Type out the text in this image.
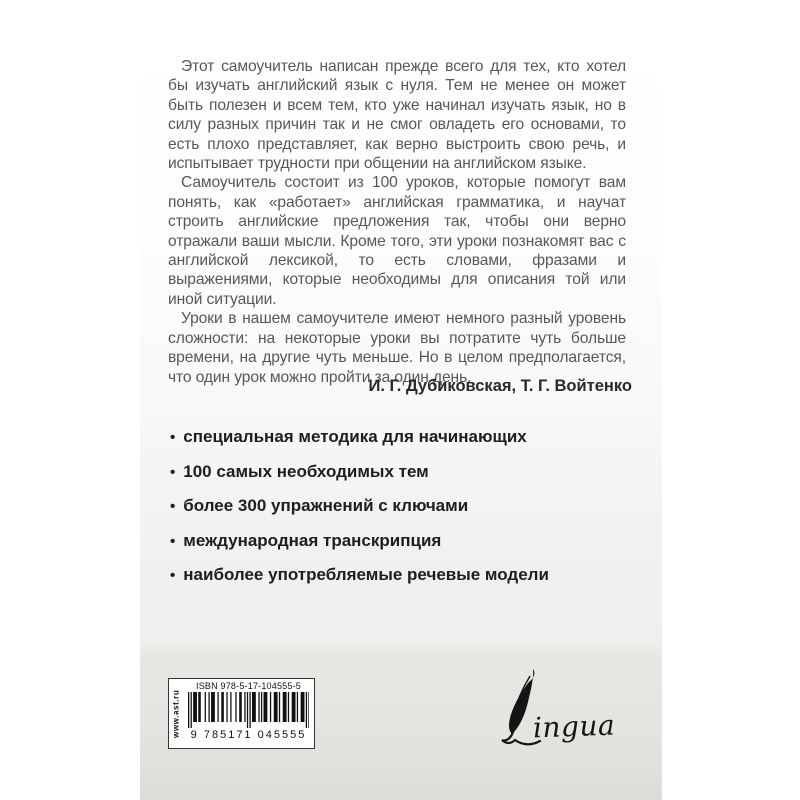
Этот самоучитель написан прежде всего для тех, кто хотел бы изучать английский язык с нуля. Тем не менее он может быть полезен и всем тем, кто уже начинал изучать язык, но в силу разных причин так и не смог овладеть его основами, то есть плохо представляет, как верно выстроить свою речь, и испытывает трудности при общении на английском языке.

Самоучитель состоит из 100 уроков, которые помогут вам понять, как «работает» английская грамматика, и научат строить английские предложения так, чтобы они верно отражали ваши мысли. Кроме того, эти уроки познакомят вас с английской лексикой, то есть словами, фразами и выражениями, которые необходимы для описания той или иной ситуации.

Уроки в нашем самоучителе имеют немного разный уровень сложности: на некоторые уроки вы потратите чуть больше времени, на другие чуть меньше. Но в целом предполагается, что один урок можно пройти за один день.

И. Г. Дубиковская, Т. Г. Войтенко
• специальная методика для начинающих
• 100 самых необходимых тем
• более 300 упражнений с ключами
• международная транскрипция
• наиболее употребляемые речевые модели
www.ast.ru
ISBN 978-5-17-104555-5
9 785171 045555	ingua
